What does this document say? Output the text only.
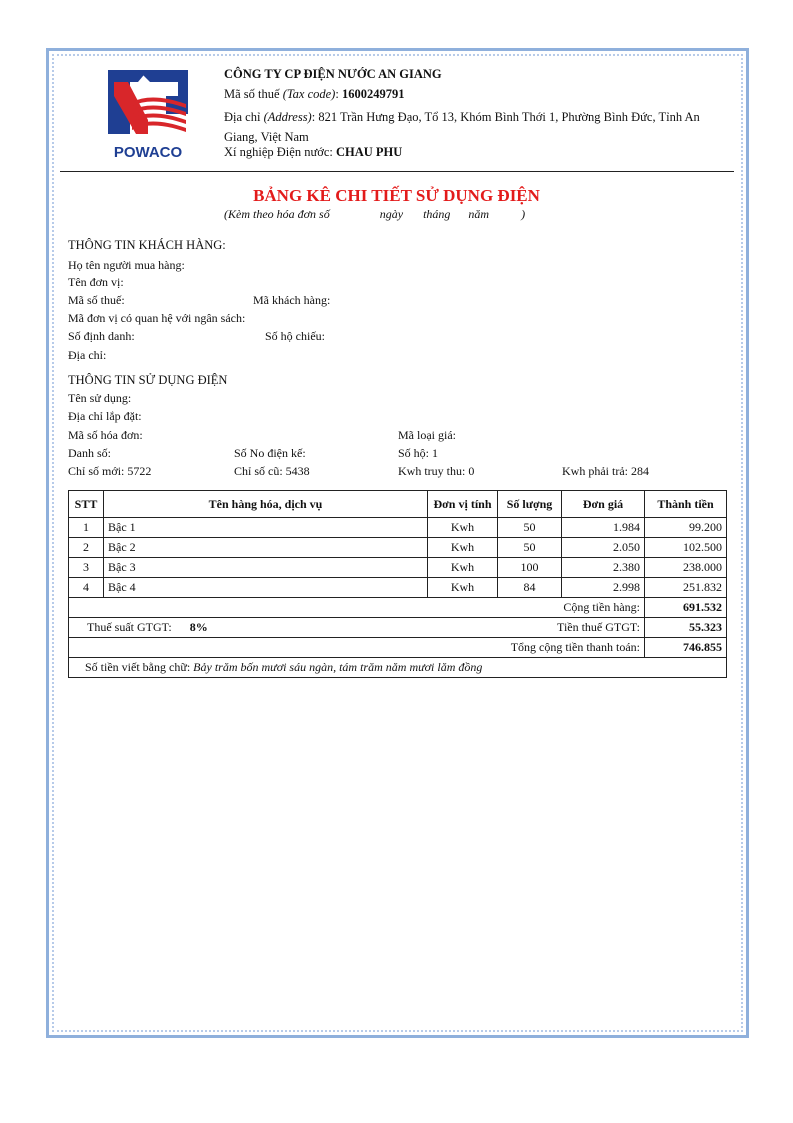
POWACO
CÔNG TY CP ĐIỆN NƯỚC AN GIANG
Mã số thuế (Tax code): 1600249791
Địa chỉ (Address): 821 Trần Hưng Đạo, Tổ 13, Khóm Bình Thới 1, Phường Bình Đức, Tỉnh An Giang, Việt Nam
Xí nghiệp Điện nước: CHAU PHU
BẢNG KÊ CHI TIẾT SỬ DỤNG ĐIỆN
(Kèm theo hóa đơn số	ngày tháng năm	)
THÔNG TIN KHÁCH HÀNG:
Họ tên người mua hàng:
Tên đơn vị:
Mã số thuế:	Mã khách hàng:
Mã đơn vị có quan hệ với ngân sách:
Số định danh:	Số hộ chiếu:
Địa chỉ:
THÔNG TIN SỬ DỤNG ĐIỆN
Tên sử dụng:
Địa chỉ lắp đặt:
Mã số hóa đơn:	Mã loại giá:
Danh số:	Số No điện kế:	Số hộ: 1
Chỉ số mới: 5722	Chỉ số cũ: 5438	Kwh truy thu: 0	Kwh phải trả: 284
STT	Tên hàng hóa, dịch vụ	Đơn vị tính	Số lượng	Đơn giá	Thành tiền
1	Bậc 1	Kwh	50	1.984	99.200
2	Bậc 2	Kwh	50	2.050	102.500
3	Bậc 3	Kwh	100	2.380	238.000
4	Bậc 4	Kwh	84	2.998	251.832
Cộng tiền hàng:					691.532

Thuế suất GTGT: 8% Tiền thuế GTGT:					55.323
Tổng cộng tiền thanh toán:					746.855
Số tiền viết bằng chữ: Bảy trăm bốn mươi sáu ngàn, tám trăm năm mươi lăm đồng					
